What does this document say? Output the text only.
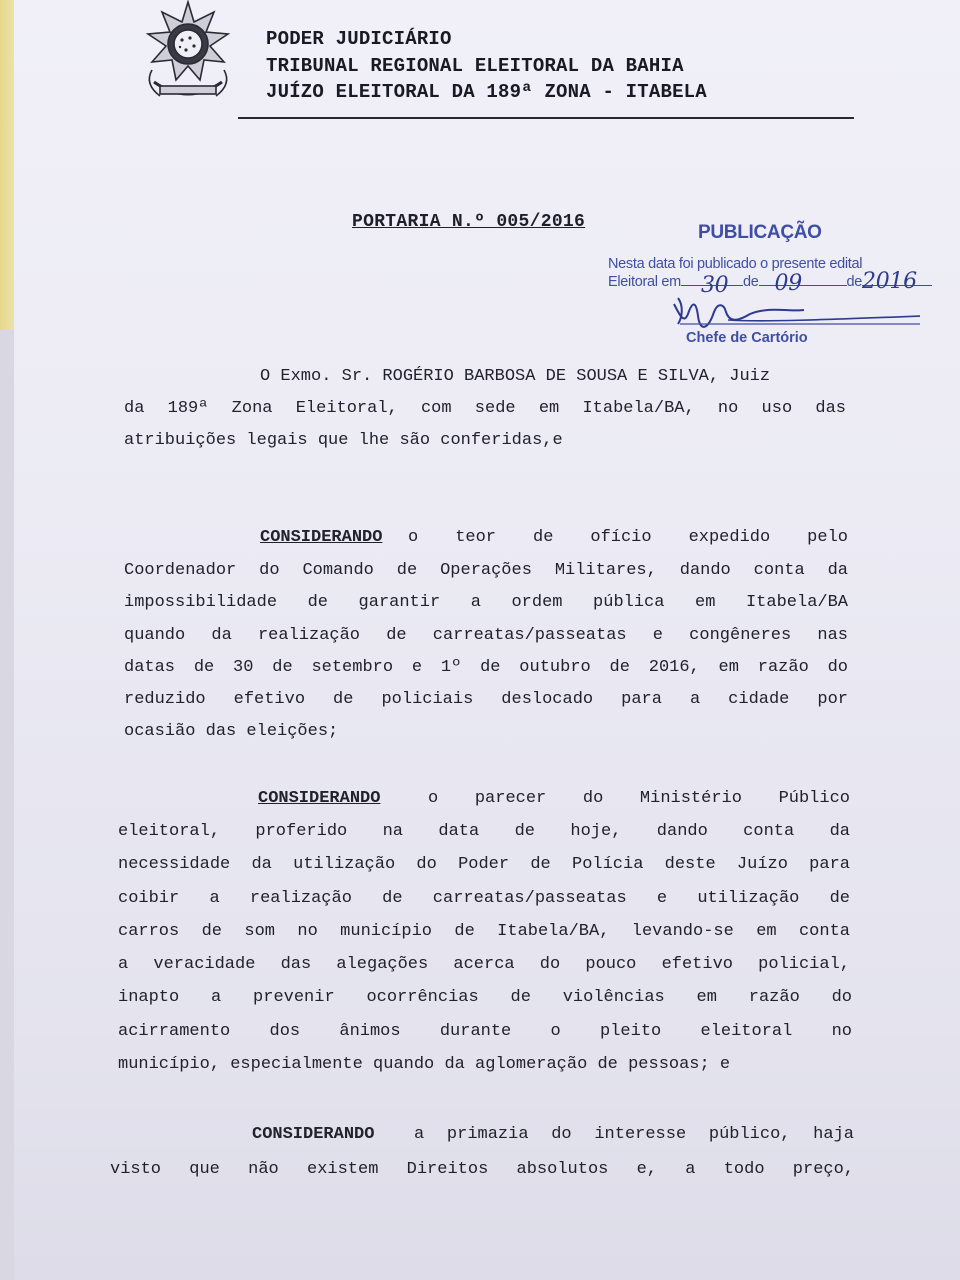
PODER JUDICIÁRIO
TRIBUNAL REGIONAL ELEITORAL DA BAHIA
JUÍZO ELEITORAL DA 189ª ZONA - ITABELA
PORTARIA N.º 005/2016	PUBLICAÇÃO
Nesta data foi publicado o presente edital
Eleitoral em 30 de 09	de 2016
Chefe de Cartório
O Exmo. Sr. ROGÉRIO BARBOSA DE SOUSA E SILVA, Juiz
da 189ª Zona Eleitoral, com sede em Itabela/BA, no uso das
atribuições legais que lhe são conferidas,e
CONSIDERANDO o teor de ofício expedido pelo
Coordenador do Comando de Operações Militares, dando conta da
impossibilidade de garantir a ordem pública em Itabela/BA
quando da realização de carreatas/passeatas e congêneres nas
datas de 30 de setembro e 1º de outubro de 2016, em razão do
reduzido efetivo de policiais deslocado para a cidade por
ocasião das eleições;
CONSIDERANDO	o parecer do Ministério Público
eleitoral, proferido na data de hoje, dando conta da
necessidade da utilização do Poder de Polícia deste Juízo para
coibir a realização de carreatas/passeatas e utilização de
carros de som no município de Itabela/BA, levando-se em conta
a veracidade das alegações acerca do pouco efetivo policial,
inapto a prevenir ocorrências de violências em razão do
acirramento dos ânimos durante o pleito eleitoral no
município, especialmente quando da aglomeração de pessoas; e
CONSIDERANDO a primazia do interesse público, haja
visto que não existem Direitos absolutos e, a todo preço,
